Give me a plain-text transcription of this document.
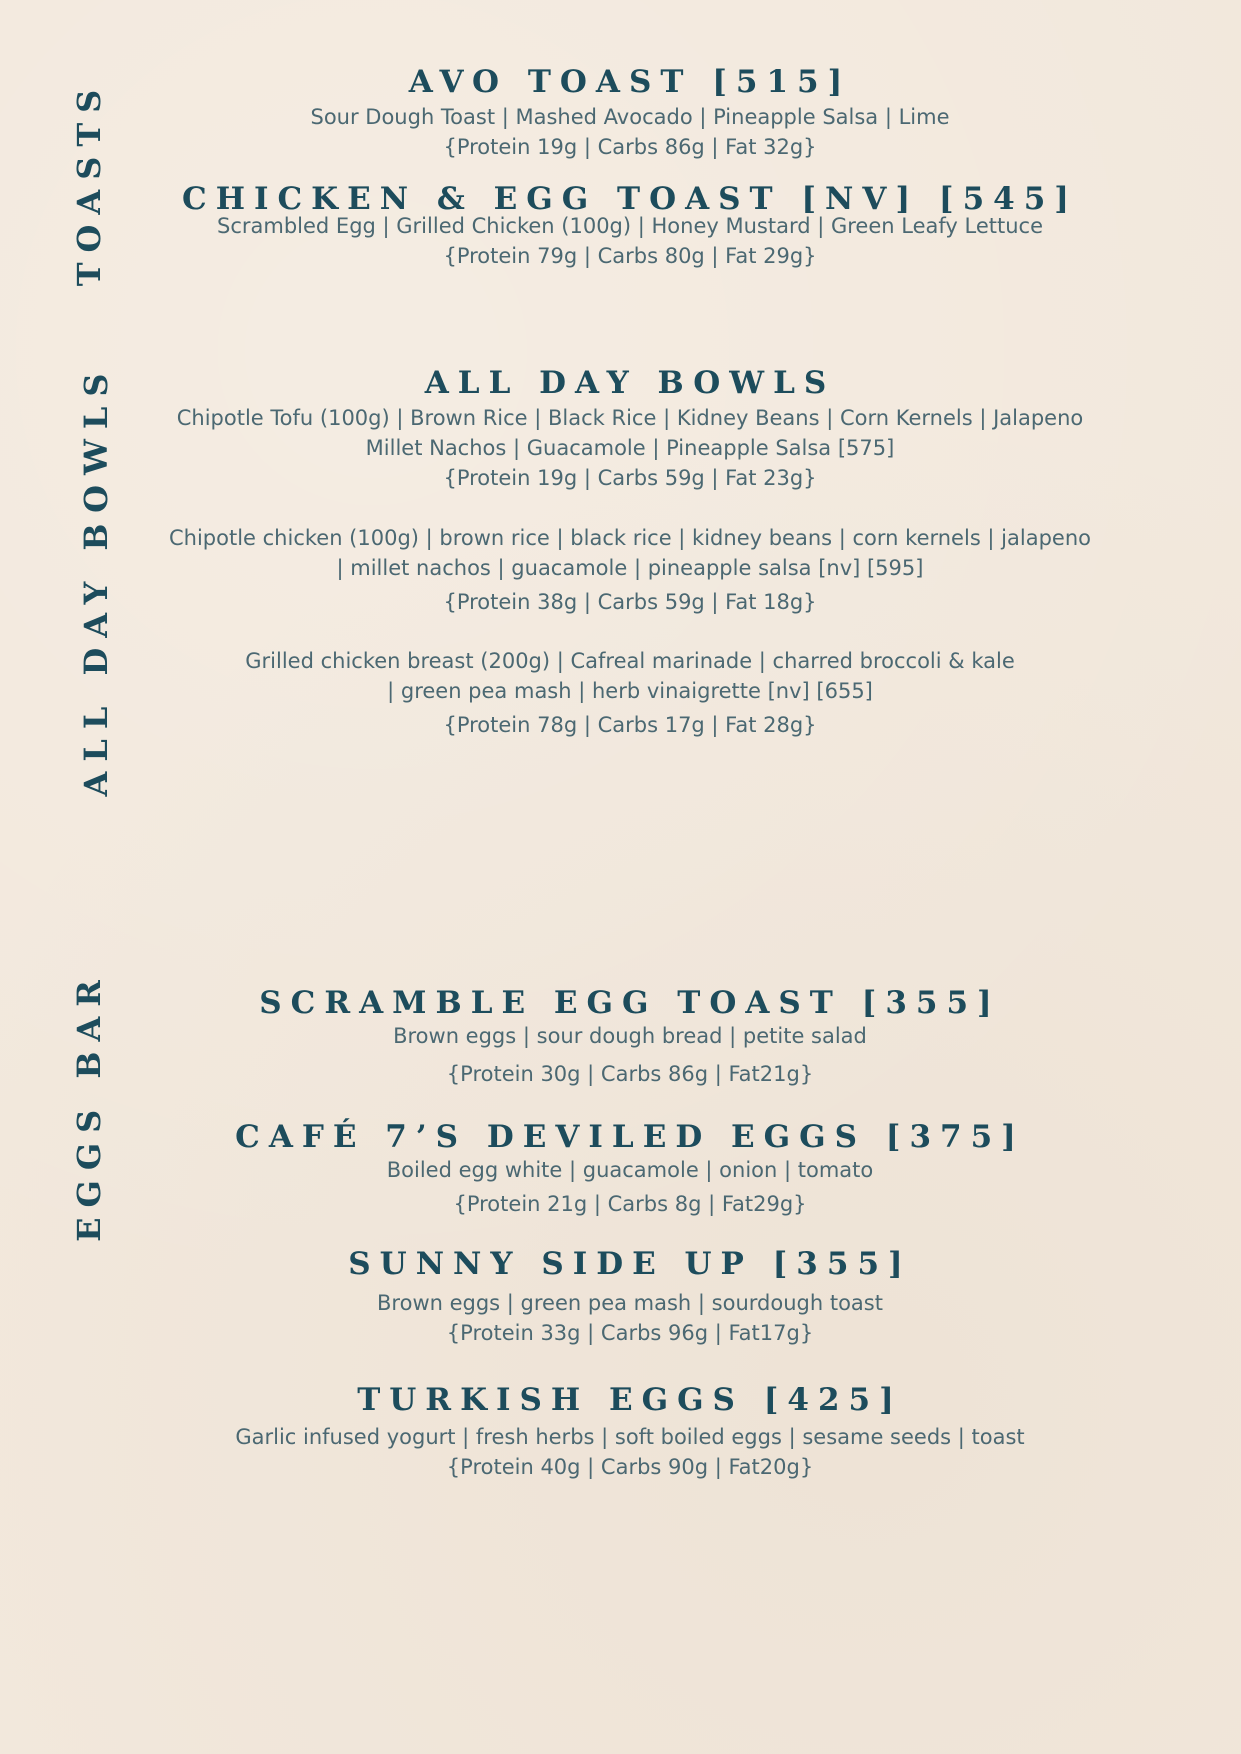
TOASTS
ALL DAY BOWLS
EGGS BAR
AVO TOAST [515]
Sour Dough Toast | Mashed Avocado | Pineapple Salsa | Lime
{Protein 19g | Carbs 86g | Fat 32g}
CHICKEN & EGG TOAST [NV] [545]
Scrambled Egg | Grilled Chicken (100g) | Honey Mustard | Green Leafy Lettuce
{Protein 79g | Carbs 80g | Fat 29g}
ALL DAY BOWLS
Chipotle Tofu (100g) | Brown Rice | Black Rice | Kidney Beans | Corn Kernels | Jalapeno
Millet Nachos | Guacamole | Pineapple Salsa [575]
{Protein 19g | Carbs 59g | Fat 23g}
Chipotle chicken (100g) | brown rice | black rice | kidney beans | corn kernels | jalapeno
| millet nachos | guacamole | pineapple salsa [nv] [595]
{Protein 38g | Carbs 59g | Fat 18g}
Grilled chicken breast (200g) | Cafreal marinade | charred broccoli & kale
| green pea mash | herb vinaigrette [nv] [655]
{Protein 78g | Carbs 17g | Fat 28g}
SCRAMBLE EGG TOAST [355]
Brown eggs | sour dough bread | petite salad
{Protein 30g | Carbs 86g | Fat21g}
CAFÉ 7’S DEVILED EGGS [375]
Boiled egg white | guacamole | onion | tomato
{Protein 21g | Carbs 8g | Fat29g}
SUNNY SIDE UP [355]
Brown eggs | green pea mash | sourdough toast
{Protein 33g | Carbs 96g | Fat17g}
TURKISH EGGS [425]
Garlic infused yogurt | fresh herbs | soft boiled eggs | sesame seeds | toast
{Protein 40g | Carbs 90g | Fat20g}
